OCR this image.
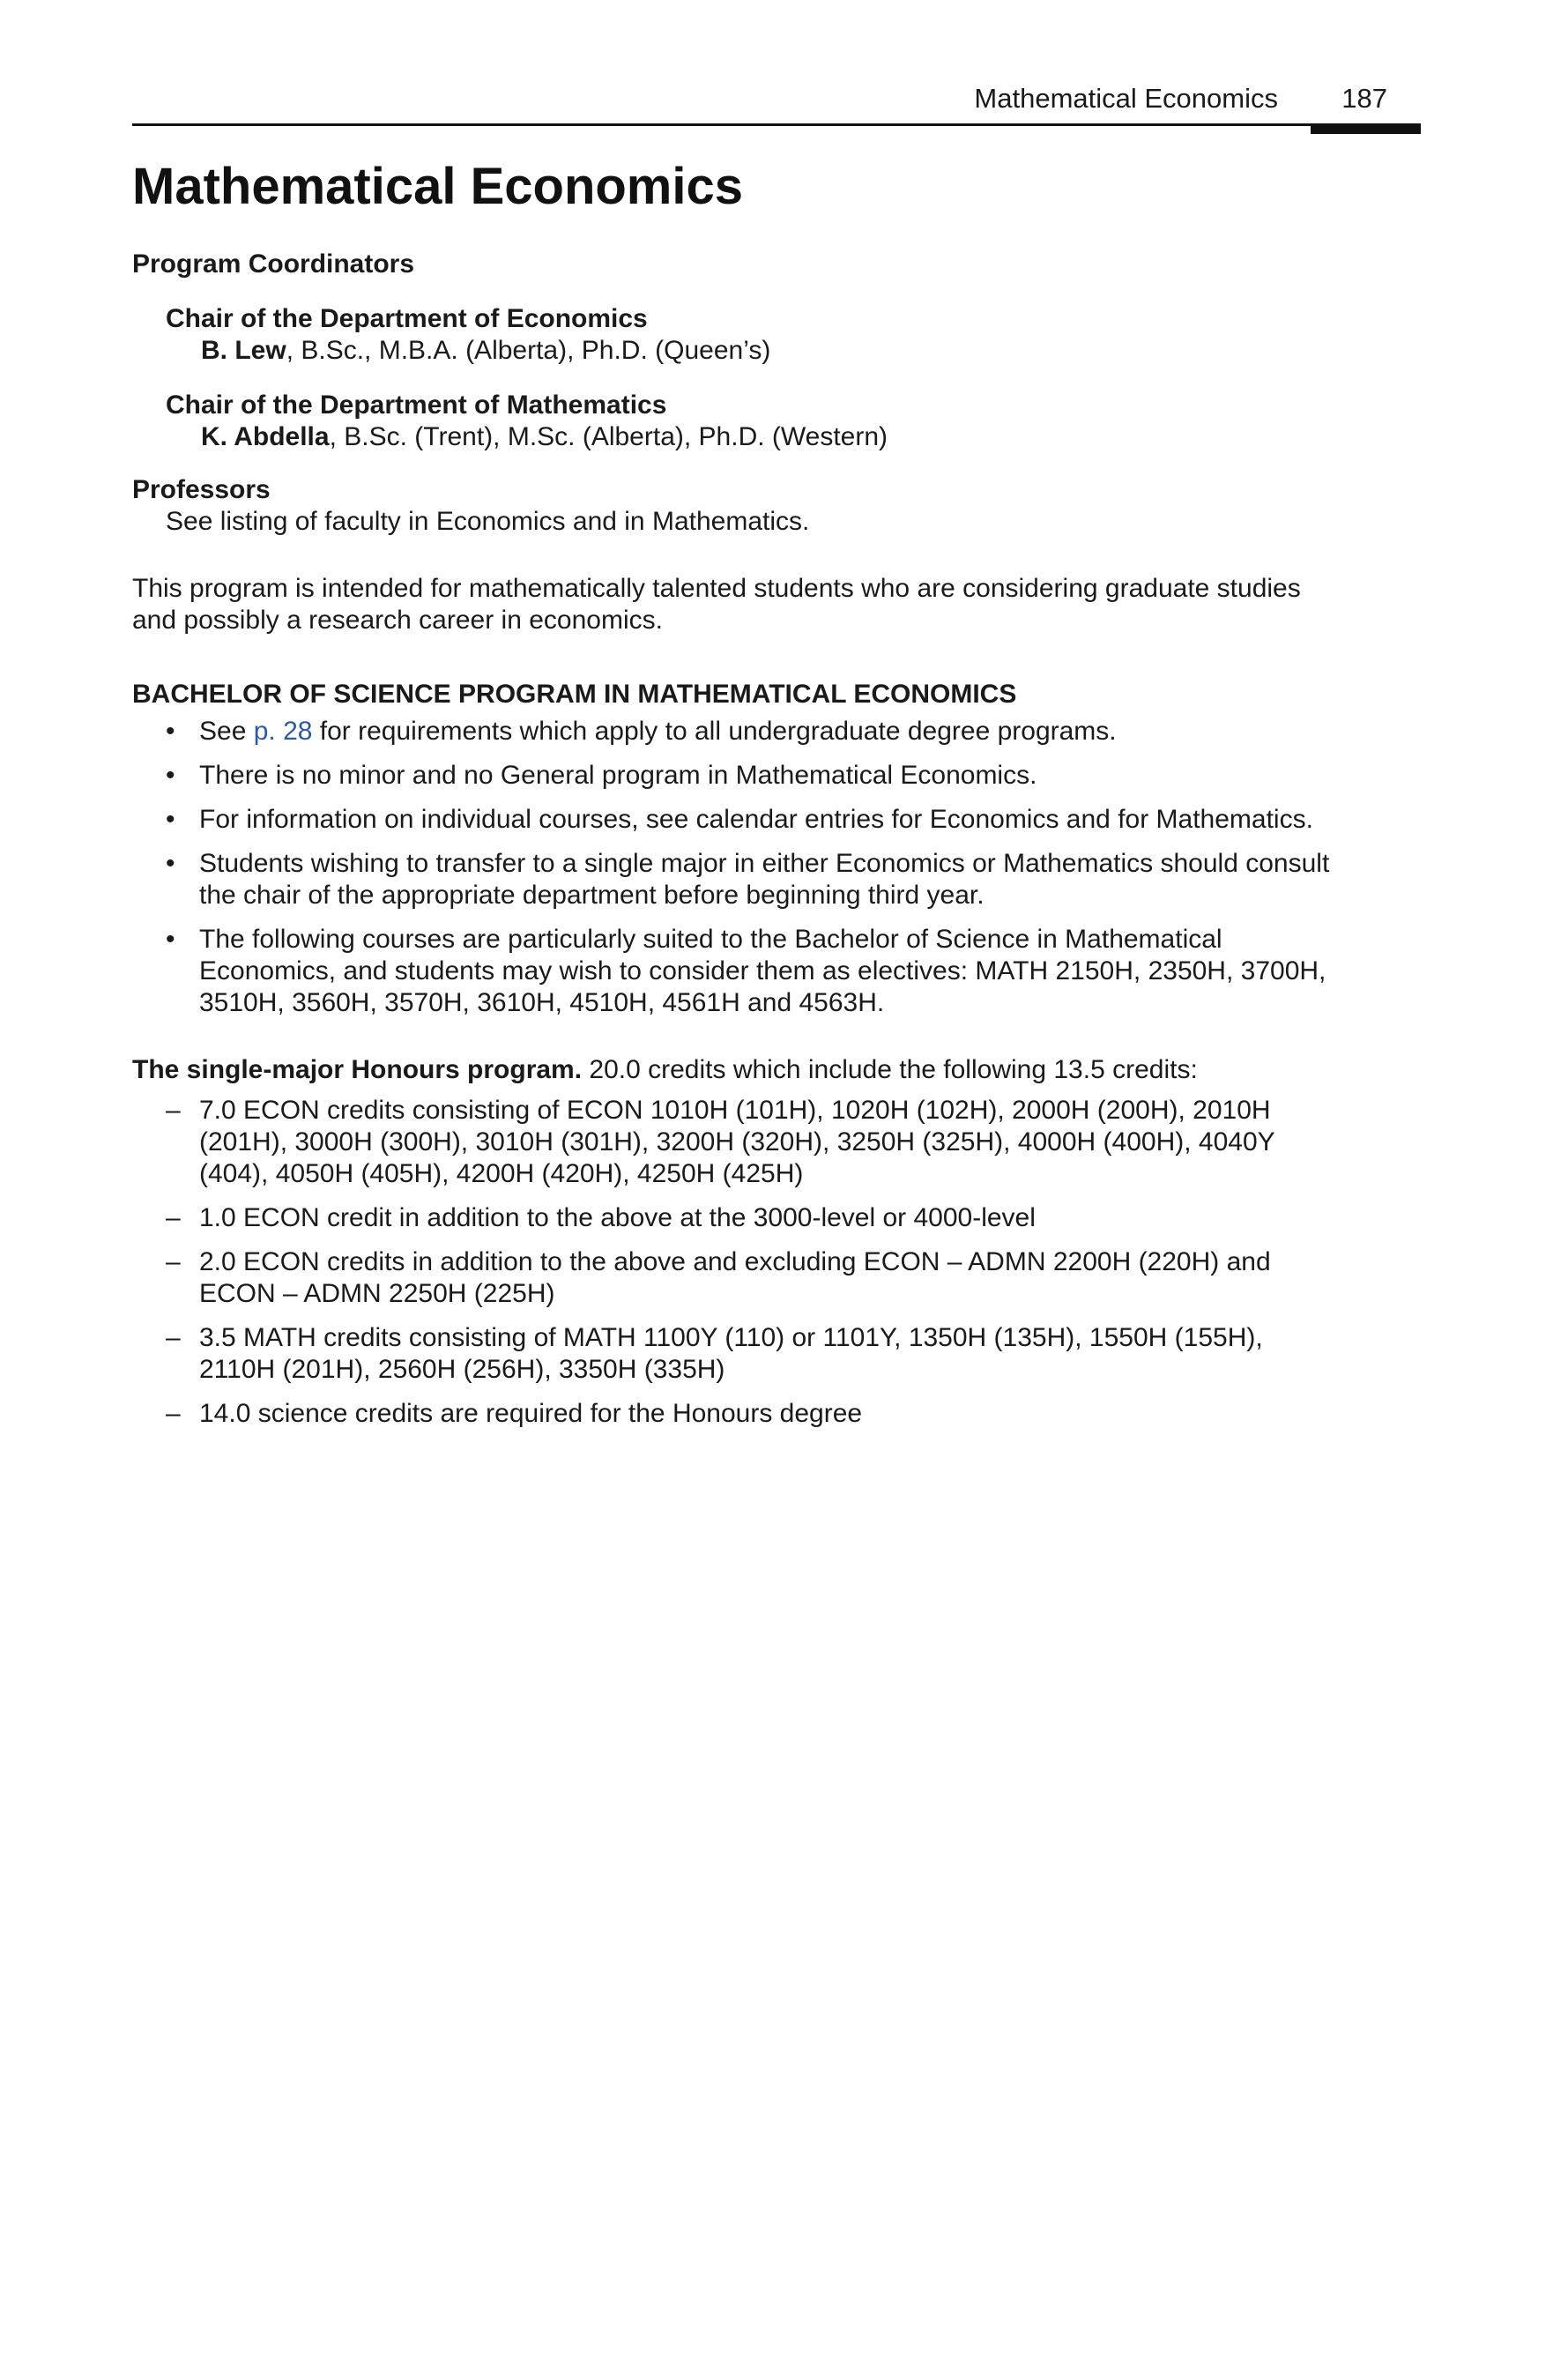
Mathematical Economics 187
Mathematical Economics

Program Coordinators

Chair of the Department of Economics

B. Lew, B.Sc., M.B.A. (Alberta), Ph.D. (Queen’s)

Chair of the Department of Mathematics

K. Abdella, B.Sc. (Trent), M.Sc. (Alberta), Ph.D. (Western)

Professors

See listing of faculty in Economics and in Mathematics.

This program is intended for mathematically talented students who are considering graduate studies

and possibly a research career in economics.

BACHELOR OF SCIENCE PROGRAM IN MATHEMATICAL ECONOMICS

• See p. 28 for requirements which apply to all undergraduate degree programs.
• There is no minor and no General program in Mathematical Economics.
• For information on individual courses, see calendar entries for Economics and for Mathematics.
• Students wishing to transfer to a single major in either Economics or Mathematics should consult
the chair of the appropriate department before beginning third year.
• The following courses are particularly suited to the Bachelor of Science in Mathematical
Economics, and students may wish to consider them as electives: MATH 2150H, 2350H, 3700H,
3510H, 3560H, 3570H, 3610H, 4510H, 4561H and 4563H.

The single-major Honours program. 20.0 credits which include the following 13.5 credits:

– 7.0 ECON credits consisting of ECON 1010H (101H), 1020H (102H), 2000H (200H), 2010H
(201H), 3000H (300H), 3010H (301H), 3200H (320H), 3250H (325H), 4000H (400H), 4040Y
(404), 4050H (405H), 4200H (420H), 4250H (425H)
– 1.0 ECON credit in addition to the above at the 3000-level or 4000-level
– 2.0 ECON credits in addition to the above and excluding ECON – ADMN 2200H (220H) and
ECON – ADMN 2250H (225H)
– 3.5 MATH credits consisting of MATH 1100Y (110) or 1101Y, 1350H (135H), 1550H (155H),
2110H (201H), 2560H (256H), 3350H (335H)
– 14.0 science credits are required for the Honours degree
